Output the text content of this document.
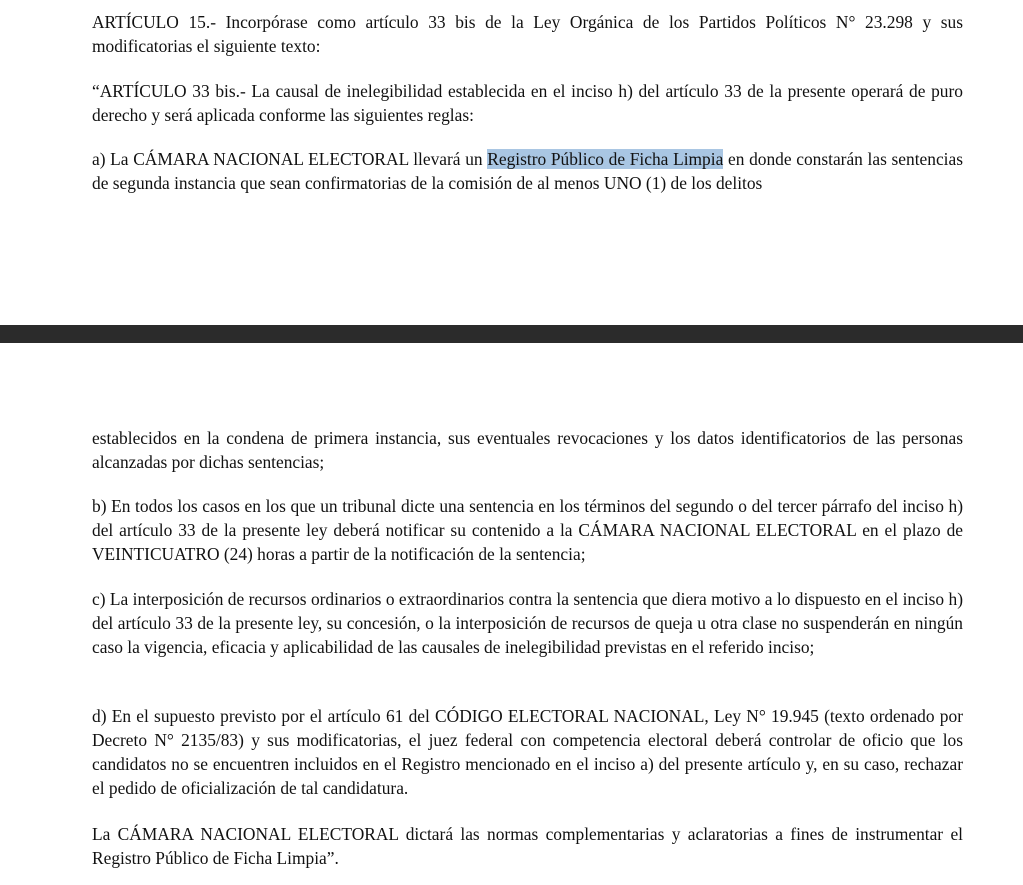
ARTÍCULO 15.- Incorpórase como artículo 33 bis de la Ley Orgánica de los Partidos Políticos N° 23.298 y sus modificatorias el siguiente texto:

“ARTÍCULO 33 bis.- La causal de inelegibilidad establecida en el inciso h) del artículo 33 de la presente operará de puro derecho y será aplicada conforme las siguientes reglas:

a) La CÁMARA NACIONAL ELECTORAL llevará un Registro Público de Ficha Limpia en donde constarán las sentencias de segunda instancia que sean confirmatorias de la comisión de al menos UNO (1) de los delitos

establecidos en la condena de primera instancia, sus eventuales revocaciones y los datos identificatorios de las personas alcanzadas por dichas sentencias;

b) En todos los casos en los que un tribunal dicte una sentencia en los términos del segundo o del tercer párrafo del inciso h) del artículo 33 de la presente ley deberá notificar su contenido a la CÁMARA NACIONAL ELECTORAL en el plazo de VEINTICUATRO (24) horas a partir de la notificación de la sentencia;

c) La interposición de recursos ordinarios o extraordinarios contra la sentencia que diera motivo a lo dispuesto en el inciso h) del artículo 33 de la presente ley, su concesión, o la interposición de recursos de queja u otra clase no suspenderán en ningún caso la vigencia, eficacia y aplicabilidad de las causales de inelegibilidad previstas en el referido inciso;

d) En el supuesto previsto por el artículo 61 del CÓDIGO ELECTORAL NACIONAL, Ley N° 19.945 (texto ordenado por Decreto N° 2135/83) y sus modificatorias, el juez federal con competencia electoral deberá controlar de oficio que los candidatos no se encuentren incluidos en el Registro mencionado en el inciso a) del presente artículo y, en su caso, rechazar el pedido de oficialización de tal candidatura.

La CÁMARA NACIONAL ELECTORAL dictará las normas complementarias y aclaratorias a fines de instrumentar el Registro Público de Ficha Limpia”.
